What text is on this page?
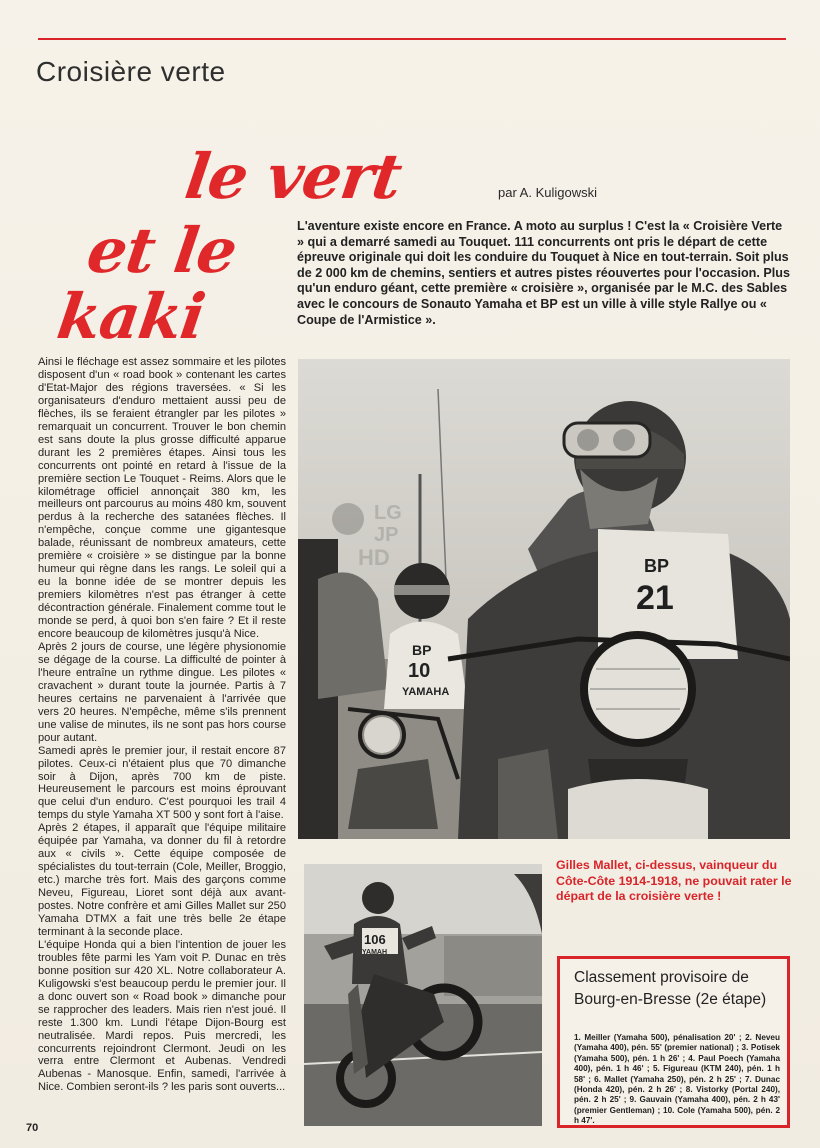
Croisière verte
le vert
et le
kaki
par A. Kuligowski
L'aventure existe encore en France. A moto au surplus ! C'est la « Croisière Verte » qui a demarré samedi au Touquet. 111 concurrents ont pris le départ de cette épreuve originale qui doit les conduire du Touquet à Nice en tout-terrain. Soit plus de 2 000 km de chemins, sentiers et autres pistes réouvertes pour l'occasion. Plus qu'un enduro géant, cette première « croisière », organisée par le M.C. des Sables avec le concours de Sonauto Yamaha et BP est un ville à ville style Rallye ou « Coupe de l'Armistice ».
Ainsi le fléchage est assez sommaire et les pilotes disposent d'un « road book » contenant les cartes d'Etat-Major des régions traversées. « Si les organisateurs d'enduro mettaient aussi peu de flèches, ils se feraient étrangler par les pilotes » remarquait un concurrent. Trouver le bon chemin est sans doute la plus grosse difficulté apparue durant les 2 premières étapes. Ainsi tous les concurrents ont pointé en retard à l'issue de la première section Le Touquet - Reims. Alors que le kilométrage officiel annonçait 380 km, les meilleurs ont parcourus au moins 480 km, souvent perdus à la recherche des satanées flèches. Il n'empêche, conçue comme une gigantesque balade, réunissant de nombreux amateurs, cette première « croisière » se distingue par la bonne humeur qui règne dans les rangs. Le soleil qui a eu la bonne idée de se montrer depuis les premiers kilomètres n'est pas étranger à cette décontraction générale. Finalement comme tout le monde se perd, à quoi bon s'en faire ? Et il reste encore beaucoup de kilomètres jusqu'à Nice.
Après 2 jours de course, une légère physionomie se dégage de la course. La difficulté de pointer à l'heure entraîne un rythme dingue. Les pilotes « cravachent » durant toute la journée. Partis à 7 heures certains ne parvenaient à l'arrivée que vers 20 heures. N'empêche, même s'ils prennent une valise de minutes, ils ne sont pas hors course pour autant.
Samedi après le premier jour, il restait encore 87 pilotes. Ceux-ci n'étaient plus que 70 dimanche soir à Dijon, après 700 km de piste. Heureusement le parcours est moins éprouvant que celui d'un enduro. C'est pourquoi les trail 4 temps du style Yamaha XT 500 y sont fort à l'aise.
Après 2 étapes, il apparaît que l'équipe militaire équipée par Yamaha, va donner du fil à retordre aux « civils ». Cette équipe composée de spécialistes du tout-terrain (Cole, Meiller, Broggio, etc.) marche très fort. Mais des garçons comme Neveu, Figureau, Lioret sont déjà aux avant-postes. Notre confrère et ami Gilles Mallet sur 250 Yamaha DTMX a fait une très belle 2e étape terminant à la seconde place.
L'équipe Honda qui a bien l'intention de jouer les troubles fête parmi les Yam voit P. Dunac en très bonne position sur 420 XL. Notre collaborateur A. Kuligowski s'est beaucoup perdu le premier jour. Il a donc ouvert son « Road book » dimanche pour se rapprocher des leaders. Mais rien n'est joué. Il reste 1.300 km. Lundi l'étape Dijon-Bourg est neutralisée. Mardi repos. Puis mercredi, les concurrents rejoindront Clermont. Jeudi on les verra entre Clermont et Aubenas. Vendredi Aubenas - Manosque. Enfin, samedi, l'arrivée à Nice. Combien seront-ils ? les paris sont ouverts...
BP
10
YAMAHA
BP
21
LG
JP
HD
106
YAMAH
Gilles Mallet, ci-dessus, vainqueur du Côte-Côte 1914-1918, ne pouvait rater le départ de la croisière verte !
Classement provisoire de Bourg-en-Bresse (2e étape)
1. Meiller (Yamaha 500), pénalisation 20' ; 2. Neveu (Yamaha 400), pén. 55' (premier national) ; 3. Potisek (Yamaha 500), pén. 1 h 26' ; 4. Paul Poech (Yamaha 400), pén. 1 h 46' ; 5. Figureau (KTM 240), pén. 1 h 58' ; 6. Mallet (Yamaha 250), pén. 2 h 25' ; 7. Dunac (Honda 420), pén. 2 h 26' ; 8. Vistorky (Portal 240), pén. 2 h 25' ; 9. Gauvain (Yamaha 400), pén. 2 h 43' (premier Gentleman) ; 10. Cole (Yamaha 500), pén. 2 h 47'.
70
